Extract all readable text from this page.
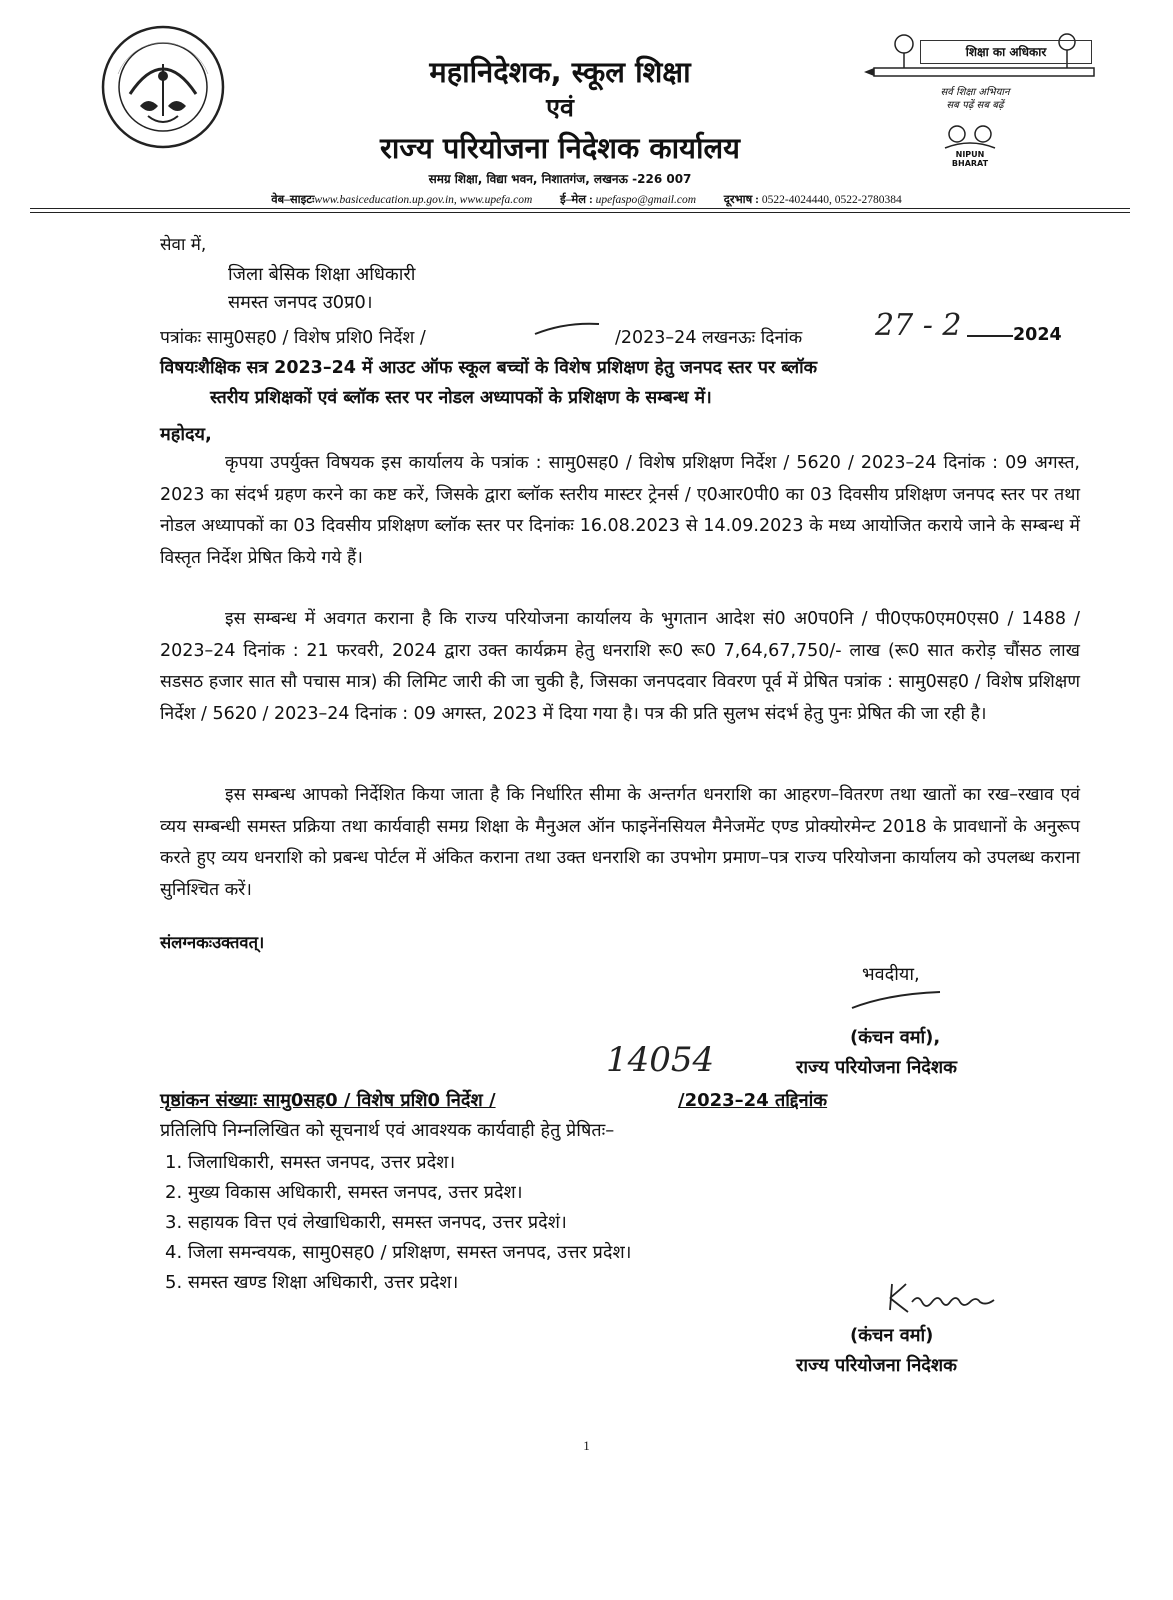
महानिदेशक, स्कूल शिक्षा
एवं
राज्य परियोजना निदेशक कार्यालय
समग्र शिक्षा, विद्या भवन, निशातगंज, लखनऊ -226 007
वेब–साइटःwww.basiceducation.up.gov.in, www.upefa.com ई–मेल : upefaspo@gmail.com दूरभाष : 0522-4024440, 0522-2780384
शिक्षा का अधिकार
सर्व शिक्षा अभियान
सब पढ़ें सब बढ़ें
NIPUN
BHARAT
सेवा में,
जिला बेसिक शिक्षा अधिकारी
समस्त जनपद उ0प्र0।
पत्रांकः सामु0सह0 / विशेष प्रशि0 निर्देश /	/2023–24 लखनऊः दिनांक 27 - 2	2024
विषयःशैक्षिक सत्र 2023–24 में आउट ऑफ स्कूल बच्चों के विशेष प्रशिक्षण हेतु जनपद स्तर पर ब्लॉक
स्तरीय प्रशिक्षकों एवं ब्लॉक स्तर पर नोडल अध्यापकों के प्रशिक्षण के सम्बन्ध में।
महोदय,
कृपया उपर्युक्त विषयक इस कार्यालय के पत्रांक : सामु0सह0 / विशेष प्रशिक्षण निर्देश / 5620 / 2023–24 दिनांक : 09 अगस्त, 2023 का संदर्भ ग्रहण करने का कष्ट करें, जिसके द्वारा ब्लॉक स्तरीय मास्टर ट्रेनर्स / ए0आर0पी0 का 03 दिवसीय प्रशिक्षण जनपद स्तर पर तथा नोडल अध्यापकों का 03 दिवसीय प्रशिक्षण ब्लॉक स्तर पर दिनांकः 16.08.2023 से 14.09.2023 के मध्य आयोजित कराये जाने के सम्बन्ध में विस्तृत निर्देश प्रेषित किये गये हैं।
इस सम्बन्ध में अवगत कराना है कि राज्य परियोजना कार्यालय के भुगतान आदेश सं0 अ0प0नि / पी0एफ0एम0एस0 / 1488 / 2023–24 दिनांक : 21 फरवरी, 2024 द्वारा उक्त कार्यक्रम हेतु धनराशि रू0 रू0 7,64,67,750/- लाख (रू0 सात करोड़ चौंसठ लाख सडसठ हजार सात सौ पचास मात्र) की लिमिट जारी की जा चुकी है, जिसका जनपदवार विवरण पूर्व में प्रेषित पत्रांक : सामु0सह0 / विशेष प्रशिक्षण निर्देश / 5620 / 2023–24 दिनांक : 09 अगस्त, 2023 में दिया गया है। पत्र की प्रति सुलभ संदर्भ हेतु पुनः प्रेषित की जा रही है।
इस सम्बन्ध आपको निर्देशित किया जाता है कि निर्धारित सीमा के अन्तर्गत धनराशि का आहरण–वितरण तथा खातों का रख–रखाव एवं व्यय सम्बन्धी समस्त प्रक्रिया तथा कार्यवाही समग्र शिक्षा के मैनुअल ऑन फाइनेंनसियल मैनेजमेंट एण्ड प्रोक्योरमेन्ट 2018 के प्रावधानों के अनुरूप करते हुए व्यय धनराशि को प्रबन्ध पोर्टल में अंकित कराना तथा उक्त धनराशि का उपभोग प्रमाण–पत्र राज्य परियोजना कार्यालय को उपलब्ध कराना सुनिश्चित करें।
संलग्नकःउक्तवत्।
भवदीया,
(कंचन वर्मा),
राज्य परियोजना निदेशक
14054
पृष्ठांकन संख्याः सामु0सह0 / विशेष प्रशि0 निर्देश /	/2023–24 तद्दिनांक
प्रतिलिपि निम्नलिखित को सूचनार्थ एवं आवश्यक कार्यवाही हेतु प्रेषितः–
1. जिलाधिकारी, समस्त जनपद, उत्तर प्रदेश।
2. मुख्य विकास अधिकारी, समस्त जनपद, उत्तर प्रदेश।
3. सहायक वित्त एवं लेखाधिकारी, समस्त जनपद, उत्तर प्रदेशं।
4. जिला समन्वयक, सामु0सह0 / प्रशिक्षण, समस्त जनपद, उत्तर प्रदेश।
5. समस्त खण्ड शिक्षा अधिकारी, उत्तर प्रदेश।
(कंचन वर्मा)
राज्य परियोजना निदेशक
1
